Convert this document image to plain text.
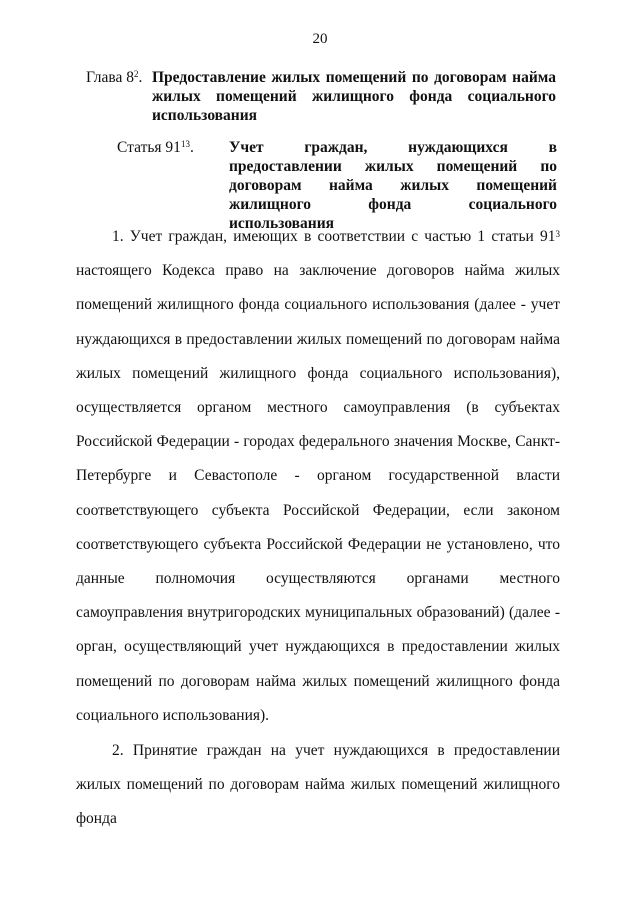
20
Глава $8^2$. Предоставление жилых помещений по договорам найма жилых помещений жилищного фонда социального использования
Статья $91^{13}$. Учет граждан, нуждающихся в предоставлении жилых помещений по договорам найма жилых помещений жилищного фонда социального использования

1. Учет граждан, имеющих в соответствии с частью 1 статьи $91^3$ настоящего Кодекса право на заключение договоров найма жилых помещений жилищного фонда социального использования (далее - учет нуждающихся в предоставлении жилых помещений по договорам найма жилых помещений жилищного фонда социального использования), осуществляется органом местного самоуправления (в субъектах Российской Федерации - городах федерального значения Москве, Санкт-Петербурге и Севастополе - органом государственной власти соответствующего субъекта Российской Федерации, если законом соответствующего субъекта Российской Федерации не установлено, что данные полномочия осуществляются органами местного самоуправления внутригородских муниципальных образований) (далее - орган, осуществляющий учет нуждающихся в предоставлении жилых помещений по договорам найма жилых помещений жилищного фонда социального использования).

2. Принятие граждан на учет нуждающихся в предоставлении жилых помещений по договорам найма жилых помещений жилищного фонда
